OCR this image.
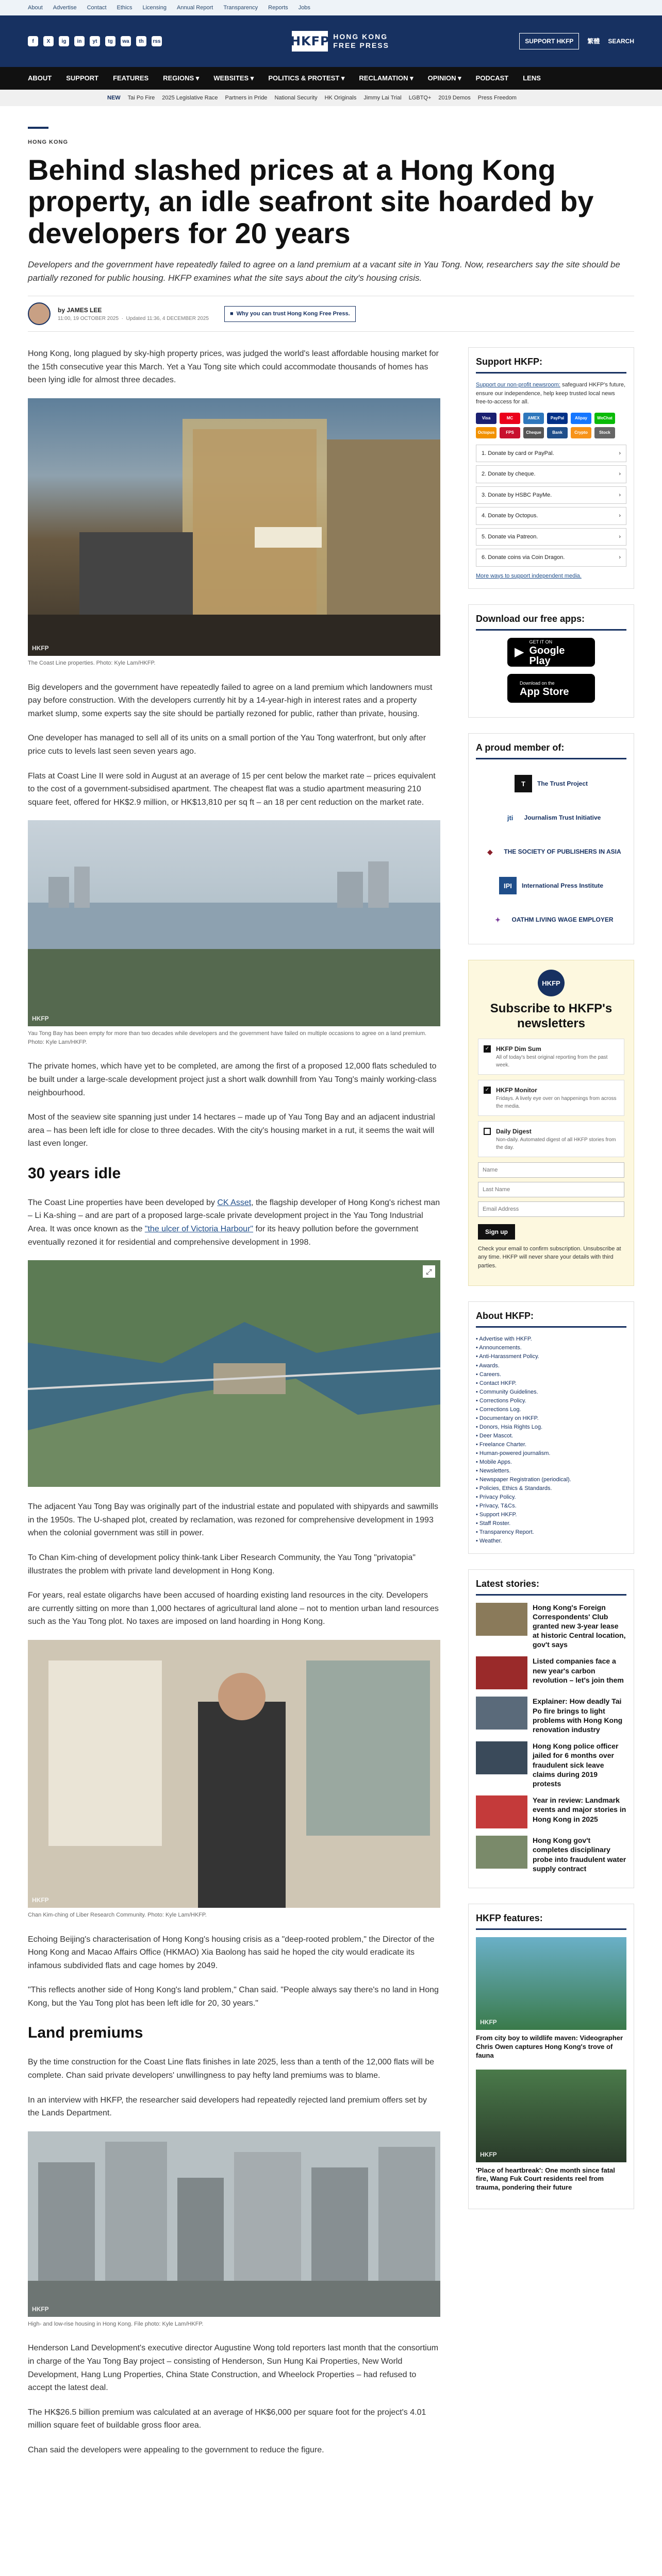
About Advertise Contact Ethics Licensing Annual Report Transparency Reports Jobs
f	X	ig	in	yt	tg	wa	th	rss	HKFP HONG KONG
FREE PRESS	SUPPORT HKFP	繁體 SEARCH
ABOUT SUPPORT FEATURES REGIONS ▾ WEBSITES ▾ POLITICS & PROTEST ▾ RECLAMATION ▾ OPINION ▾ PODCAST LENS
NEW Tai Po Fire 2025 Legislative Race Partners in Pride National Security HK Originals Jimmy Lai Trial LGBTQ+ 2019 Demos Press Freedom
HONG KONG
Behind slashed prices at a Hong Kong property, an idle seafront site hoarded by developers for 20 years
Developers and the government have repeatedly failed to agree on a land premium at a vacant site in Yau Tong. Now, researchers say the site should be partially rezoned for public housing. HKFP examines what the site says about the city's housing crisis.
by JAMES LEE
11:00, 19 OCTOBER 2025  ·  Updated 11:36, 4 DECEMBER 2025
■ Why you can trust Hong Kong Free Press.

Hong Kong, long plagued by sky-high property prices, was judged the world's least affordable housing market for the 15th consecutive year this March. Yet a Yau Tong site which could accommodate thousands of homes has been lying idle for almost three decades.

HKFP
The Coast Line properties. Photo: Kyle Lam/HKFP.

Big developers and the government have repeatedly failed to agree on a land premium which landowners must pay before construction. With the developers currently hit by a 14-year-high in interest rates and a property market slump, some experts say the site should be partially rezoned for public, rather than private, housing.

One developer has managed to sell all of its units on a small portion of the Yau Tong waterfront, but only after price cuts to levels last seen seven years ago.

Flats at Coast Line II were sold in August at an average of 15 per cent below the market rate – prices equivalent to the cost of a government-subsidised apartment. The cheapest flat was a studio apartment measuring 210 square feet, offered for HK$2.9 million, or HK$13,810 per sq ft – an 18 per cent reduction on the market rate.

HKFP
Yau Tong Bay has been empty for more than two decades while developers and the government have failed on multiple occasions to agree on a land premium. Photo: Kyle Lam/HKFP.

The private homes, which have yet to be completed, are among the first of a proposed 12,000 flats scheduled to be built under a large-scale development project just a short walk downhill from Yau Tong's mainly working-class neighbourhood.

Most of the seaview site spanning just under 14 hectares – made up of Yau Tong Bay and an adjacent industrial area – has been left idle for close to three decades. With the city's housing market in a rut, it seems the wait will last even longer.

30 years idle

The Coast Line properties have been developed by CK Asset, the flagship developer of Hong Kong's richest man – Li Ka-shing – and are part of a proposed large-scale private development project in the Yau Tong Industrial Area. It was once known as the "the ulcer of Victoria Harbour" for its heavy pollution before the government eventually rezoned it for residential and comprehensive development in 1998.

⤢

The adjacent Yau Tong Bay was originally part of the industrial estate and populated with shipyards and sawmills in the 1950s. The U-shaped plot, created by reclamation, was rezoned for comprehensive development in 1993 when the colonial government was still in power.

To Chan Kim-ching of development policy think-tank Liber Research Community, the Yau Tong "privatopia" illustrates the problem with private land development in Hong Kong.

For years, real estate oligarchs have been accused of hoarding existing land resources in the city. Developers are currently sitting on more than 1,000 hectares of agricultural land alone – not to mention urban land resources such as the Yau Tong plot. No taxes are imposed on land hoarding in Hong Kong.

HKFP
Chan Kim-ching of Liber Research Community. Photo: Kyle Lam/HKFP.

Echoing Beijing's characterisation of Hong Kong's housing crisis as a "deep-rooted problem," the Director of the Hong Kong and Macao Affairs Office (HKMAO) Xia Baolong has said he hoped the city would eradicate its infamous subdivided flats and cage homes by 2049.

"This reflects another side of Hong Kong's land problem," Chan said. "People always say there's no land in Hong Kong, but the Yau Tong plot has been left idle for 20, 30 years."

Land premiums

By the time construction for the Coast Line flats finishes in late 2025, less than a tenth of the 12,000 flats will be complete. Chan said private developers' unwillingness to pay hefty land premiums was to blame.

In an interview with HKFP, the researcher said developers had repeatedly rejected land premium offers set by the Lands Department.

HKFP
High- and low-rise housing in Hong Kong. File photo: Kyle Lam/HKFP.

Henderson Land Development's executive director Augustine Wong told reporters last month that the consortium in charge of the Yau Tong Bay project – consisting of Henderson, Sun Hung Kai Properties, New World Development, Hang Lung Properties, China State Construction, and Wheelock Properties – had refused to accept the latest deal.

The HK$26.5 billion premium was calculated at an average of HK$6,000 per square foot for the project's 4.01 million square feet of buildable gross floor area.

Chan said the developers were appealing to the government to reduce the figure.

Support HKFP:
Support our non-profit newsroom: safeguard HKFP's future, ensure our independence, help keep trusted local news free-to-access for all.
Visa	MC	AMEX	PayPal	Alipay	WeChat
Octopus	FPS	Cheque	Bank	Crypto	Stock
1. Donate by card or PayPal.	›
2. Donate by cheque.	›
3. Donate by HSBC PayMe.	›
4. Donate by Octopus.	›
5. Donate via Patreon.	›
6. Donate coins via Coin Dragon.	›
More ways to support independent media.
Download our free apps:
▶
GET IT ON
Google Play
Download on the
App Store
A proud member of:
T	The Trust Project
jti	Journalism Trust Initiative
◆	THE SOCIETY OF PUBLISHERS IN ASIA
IPI	International Press Institute
✦	OATHM LIVING WAGE EMPLOYER
HKFP
Subscribe to HKFP's newsletters
✓ HKFP Dim Sum
All of today's best original reporting from the past week.
✓ HKFP Monitor
Fridays. A lively eye over on happenings from across the media.
Daily Digest
Non-daily. Automated digest of all HKFP stories from the day.
Name Last Name Email Address Sign up
Check your email to confirm subscription. Unsubscribe at any time. HKFP will never share your details with third parties.
About HKFP:
• Advertise with HKFP.
• Announcements.
• Anti-Harassment Policy.
• Awards.
• Careers.
• Contact HKFP.
• Community Guidelines.
• Corrections Policy.
• Corrections Log.
• Documentary on HKFP.
• Donors, Hsia Rights Log.
• Deer Mascot.
• Freelance Charter.
• Human-powered journalism.
• Mobile Apps.
• Newsletters.
• Newspaper Registration (periodical).
• Policies, Ethics & Standards.
• Privacy Policy.
• Privacy, T&Cs.
• Support HKFP.
• Staff Roster.
• Transparency Report.
• Weather.
Latest stories:
Hong Kong's Foreign Correspondents' Club granted new 3-year lease at historic Central location, gov't says
Listed companies face a new year's carbon revolution – let's join them
Explainer: How deadly Tai Po fire brings to light problems with Hong Kong renovation industry
Hong Kong police officer jailed for 6 months over fraudulent sick leave claims during 2019 protests
Year in review: Landmark events and major stories in Hong Kong in 2025
Hong Kong gov't completes disciplinary probe into fraudulent water supply contract
HKFP features:
HKFP
From city boy to wildlife maven: Videographer Chris Owen captures Hong Kong's trove of fauna
HKFP
'Place of heartbreak': One month since fatal fire, Wang Fuk Court residents reel from trauma, pondering their future
